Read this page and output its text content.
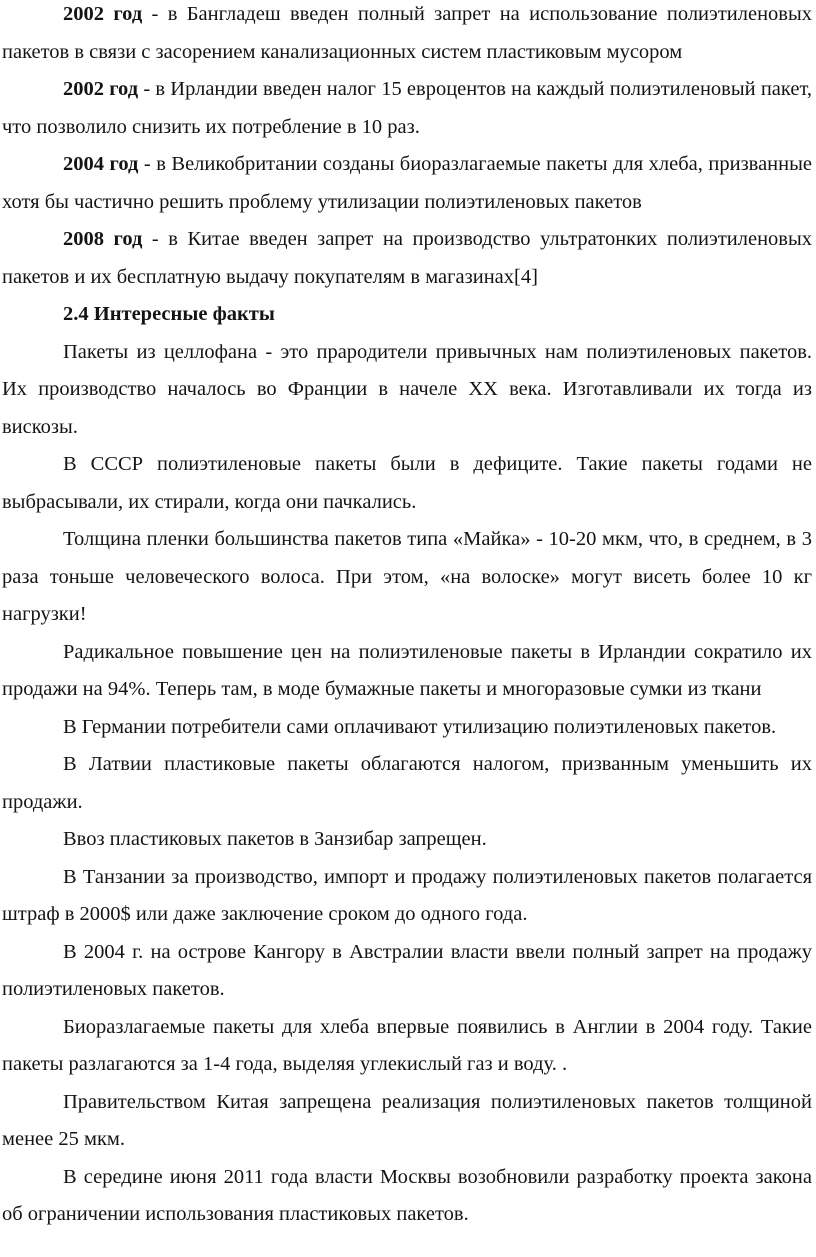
2002 год - в Бангладеш введен полный запрет на использование полиэтиленовых пакетов в связи с засорением канализационных систем пластиковым мусором

2002 год - в Ирландии введен налог 15 евроцентов на каждый полиэтиленовый пакет, что позволило снизить их потребление в 10 раз.

2004 год - в Великобритании созданы биоразлагаемые пакеты для хлеба, призванные хотя бы частично решить проблему утилизации полиэтиленовых пакетов

2008 год - в Китае введен запрет на производство ультратонких полиэтиленовых пакетов и их бесплатную выдачу покупателям в магазинах[4]

2.4 Интересные факты

Пакеты из целлофана - это прародители привычных нам полиэтиленовых пакетов. Их производство началось во Франции в начеле ХХ века. Изготавливали их тогда из вискозы.

В СССР полиэтиленовые пакеты были в дефиците. Такие пакеты годами не выбрасывали, их стирали, когда они пачкались.

Толщина пленки большинства пакетов типа «Майка» - 10-20 мкм, что, в среднем, в 3 раза тоньше человеческого волоса. При этом, «на волоске» могут висеть более 10 кг нагрузки!

Радикальное повышение цен на полиэтиленовые пакеты в Ирландии сократило их продажи на 94%. Теперь там, в моде бумажные пакеты и многоразовые сумки из ткани

В Германии потребители сами оплачивают утилизацию полиэтиленовых пакетов.

В Латвии пластиковые пакеты облагаются налогом, призванным уменьшить их продажи.

Ввоз пластиковых пакетов в Занзибар запрещен.

В Танзании за производство, импорт и продажу полиэтиленовых пакетов полагается штраф в 2000$ или даже заключение сроком до одного года.

В 2004 г. на острове Кангору в Австралии власти ввели полный запрет на продажу полиэтиленовых пакетов.

Биоразлагаемые пакеты для хлеба впервые появились в Англии в 2004 году. Такие пакеты разлагаются за 1-4 года, выделяя углекислый газ и воду. .

Правительством Китая запрещена реализация полиэтиленовых пакетов толщиной менее 25 мкм.

В середине июня 2011 года власти Москвы возобновили разработку проекта закона об ограничении использования пластиковых пакетов.
